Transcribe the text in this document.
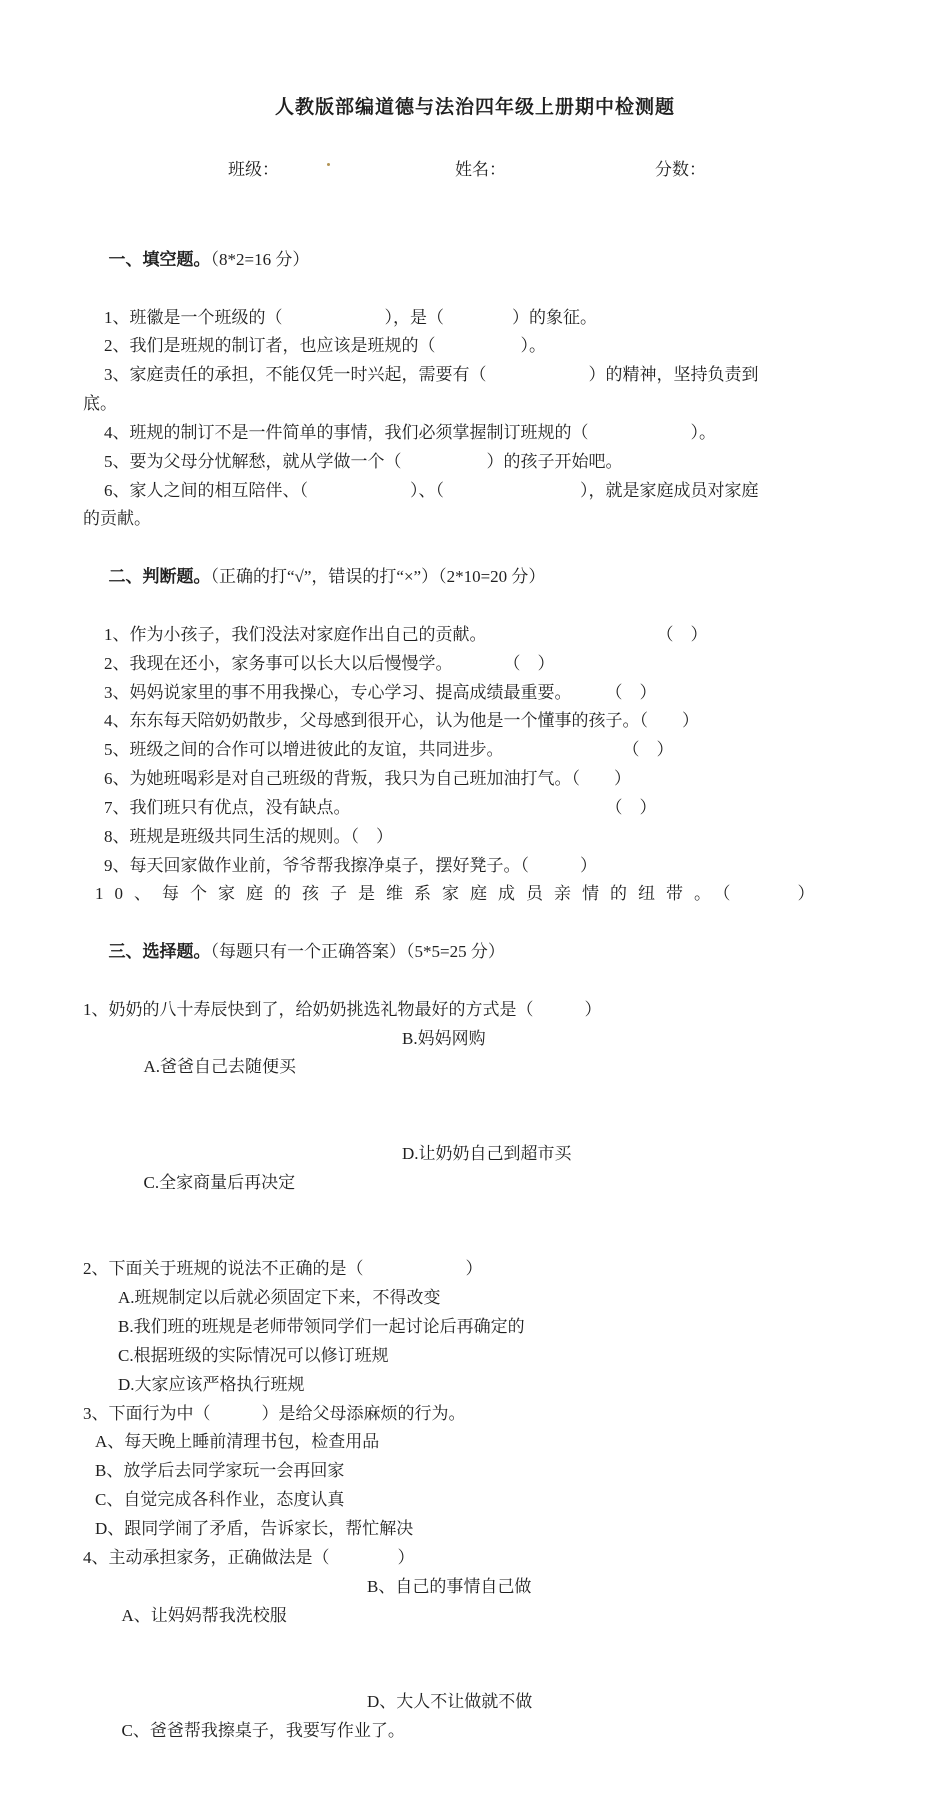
人教版部编道德与法治四年级上册期中检测题
班级：	姓名：	分数：

一、填空题。（8*2=16 分）

1、班徽是一个班级的（　　　　　　），是（　　　　）的象征。
2、我们是班规的制订者，也应该是班规的（　　　　　）。
3、家庭责任的承担，不能仅凭一时兴起，需要有（　　　　　　）的精神，坚持负责到
底。
4、班规的制订不是一件简单的事情，我们必须掌握制订班规的（　　　　　　）。
5、要为父母分忧解愁，就从学做一个（　　　　　）的孩子开始吧。
6、家人之间的相互陪伴、（　　　　　　）、（　　　　　　　　），就是家庭成员对家庭
的贡献。

二、判断题。（正确的打“√”，错误的打“×”）（2*10=20 分）

1、作为小孩子，我们没法对家庭作出自己的贡献。　　　　　　　　　　　（　）
2、我现在还小，家务事可以长大以后慢慢学。　　　　（　）
3、妈妈说家里的事不用我操心，专心学习、提高成绩最重要。　　　（　）
4、东东每天陪奶奶散步，父母感到很开心，认为他是一个懂事的孩子。（　　）
5、班级之间的合作可以增进彼此的友谊，共同进步。　　　　　　　　（　）
6、为她班喝彩是对自己班级的背叛，我只为自己班加油打气。（　　）
7、我们班只有优点，没有缺点。　　　　　　　　　　　　　　　　（　）
8、班规是班级共同生活的规则。（　）
9、每天回家做作业前，爷爷帮我擦净桌子，摆好凳子。（　　　）
10、每个家庭的孩子是维系家庭成员亲情的纽带。（　　）

三、选择题。（每题只有一个正确答案）（5*5=25 分）

1、奶奶的八十寿辰快到了，给奶奶挑选礼物最好的方式是（　　　）

A.爸爸自己去随便买

B.妈妈网购

C.全家商量后再决定

D.让奶奶自己到超市买

2、下面关于班规的说法不正确的是（　　　　　　）
A.班规制定以后就必须固定下来，不得改变
B.我们班的班规是老师带领同学们一起讨论后再确定的
C.根据班级的实际情况可以修订班规
D.大家应该严格执行班规
3、下面行为中（　　　）是给父母添麻烦的行为。
A、每天晚上睡前清理书包，检查用品
B、放学后去同学家玩一会再回家
C、自觉完成各科作业，态度认真
D、跟同学闹了矛盾，告诉家长，帮忙解决
4、主动承担家务，正确做法是（　　　　）

A、让妈妈帮我洗校服

B、自己的事情自己做

C、爸爸帮我擦桌子，我要写作业了。

D、大人不让做就不做
